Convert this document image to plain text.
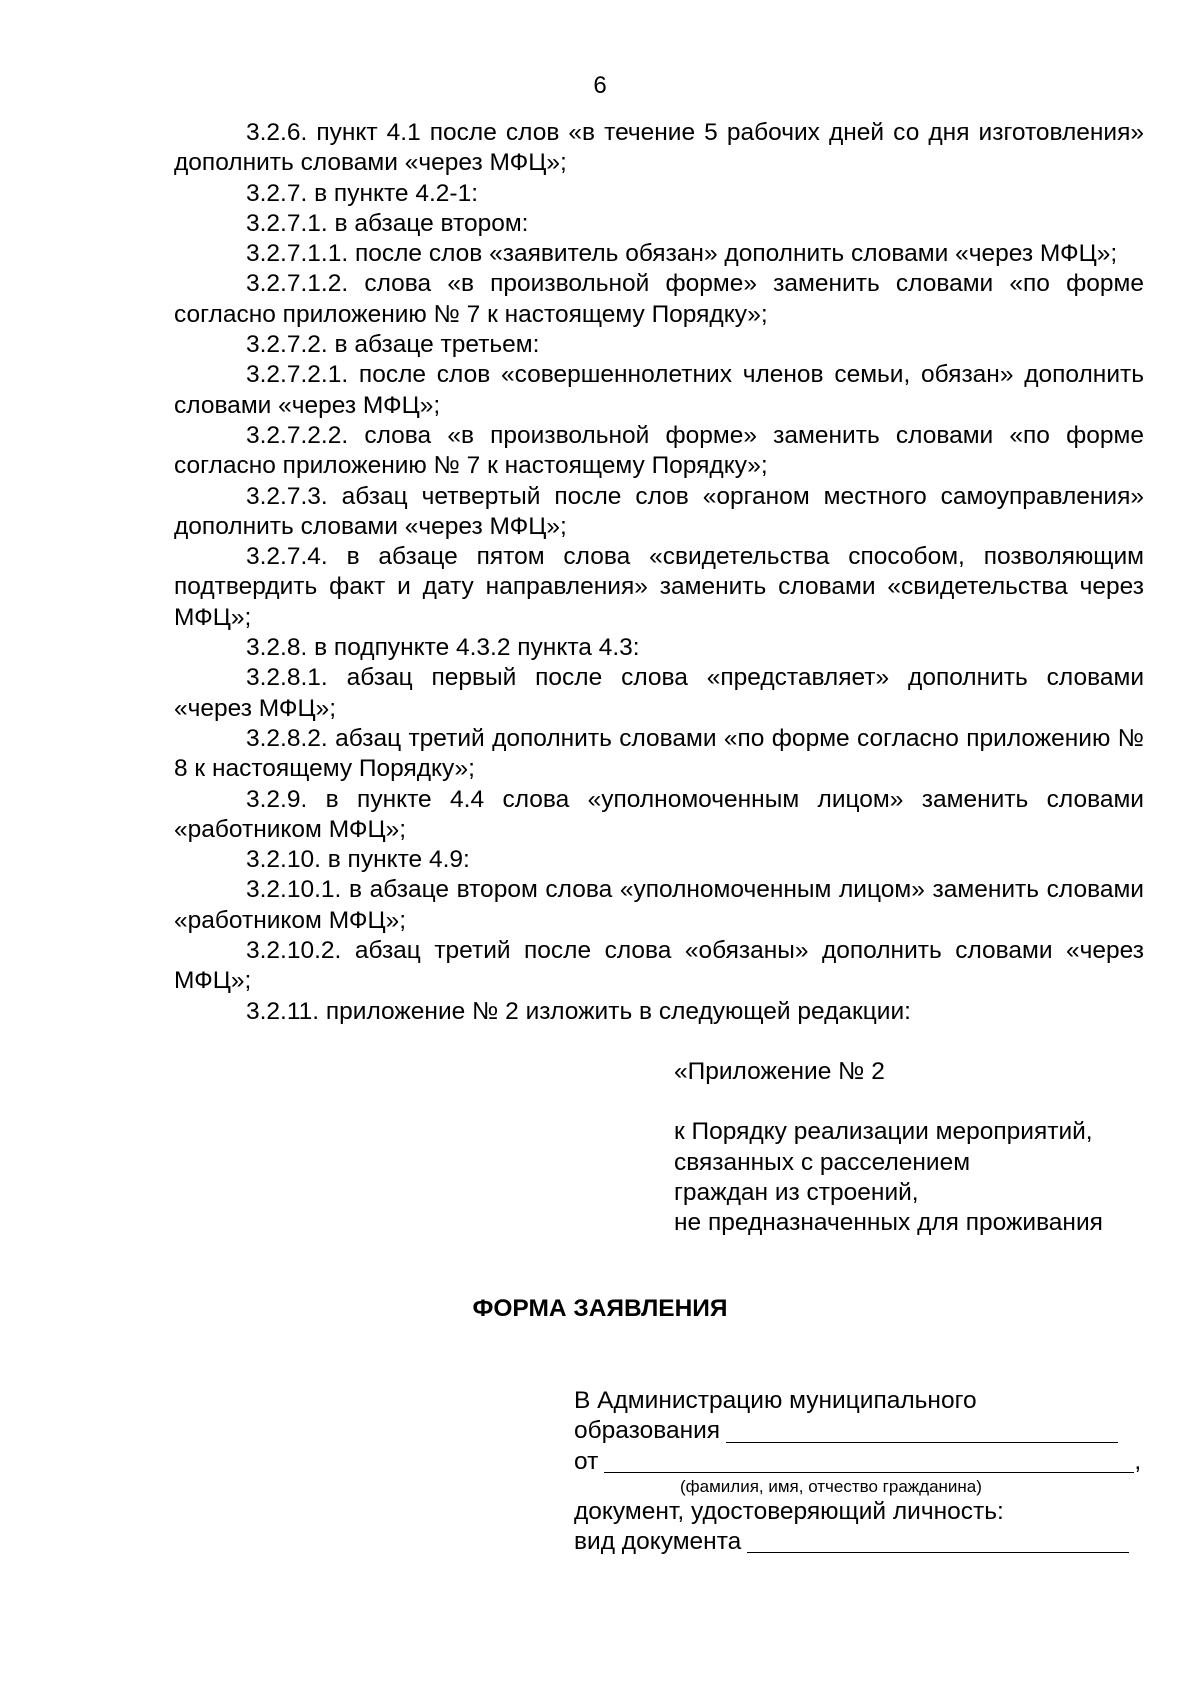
6

3.2.6. пункт 4.1 после слов «в течение 5 рабочих дней со дня изготовления» дополнить словами «через МФЦ»;

3.2.7. в пункте 4.2-1:

3.2.7.1. в абзаце втором:

3.2.7.1.1. после слов «заявитель обязан» дополнить словами «через МФЦ»;

3.2.7.1.2. слова «в произвольной форме» заменить словами «по форме согласно приложению № 7 к настоящему Порядку»;

3.2.7.2. в абзаце третьем:

3.2.7.2.1. после слов «совершеннолетних членов семьи, обязан» дополнить словами «через МФЦ»;

3.2.7.2.2. слова «в произвольной форме» заменить словами «по форме согласно приложению № 7 к настоящему Порядку»;

3.2.7.3. абзац четвертый после слов «органом местного самоуправления» дополнить словами «через МФЦ»;

3.2.7.4. в абзаце пятом слова «свидетельства способом, позволяющим подтвердить факт и дату направления» заменить словами «свидетельства через МФЦ»;

3.2.8. в подпункте 4.3.2 пункта 4.3:

3.2.8.1. абзац первый после слова «представляет» дополнить словами «через МФЦ»;

3.2.8.2. абзац третий дополнить словами «по форме согласно приложению № 8 к настоящему Порядку»;

3.2.9. в пункте 4.4 слова «уполномоченным лицом» заменить словами «работником МФЦ»;

3.2.10. в пункте 4.9:

3.2.10.1. в абзаце втором слова «уполномоченным лицом» заменить словами «работником МФЦ»;

3.2.10.2. абзац третий после слова «обязаны» дополнить словами «через МФЦ»;

3.2.11. приложение № 2 изложить в следующей редакции:

«Приложение № 2

к Порядку реализации мероприятий,

связанных с расселением

граждан из строений,

не предназначенных для проживания

ФОРМА ЗАЯВЛЕНИЯ
В Администрацию муниципального
образования
от	,
(фамилия, имя, отчество гражданина)
документ, удостоверяющий личность:
вид документа
